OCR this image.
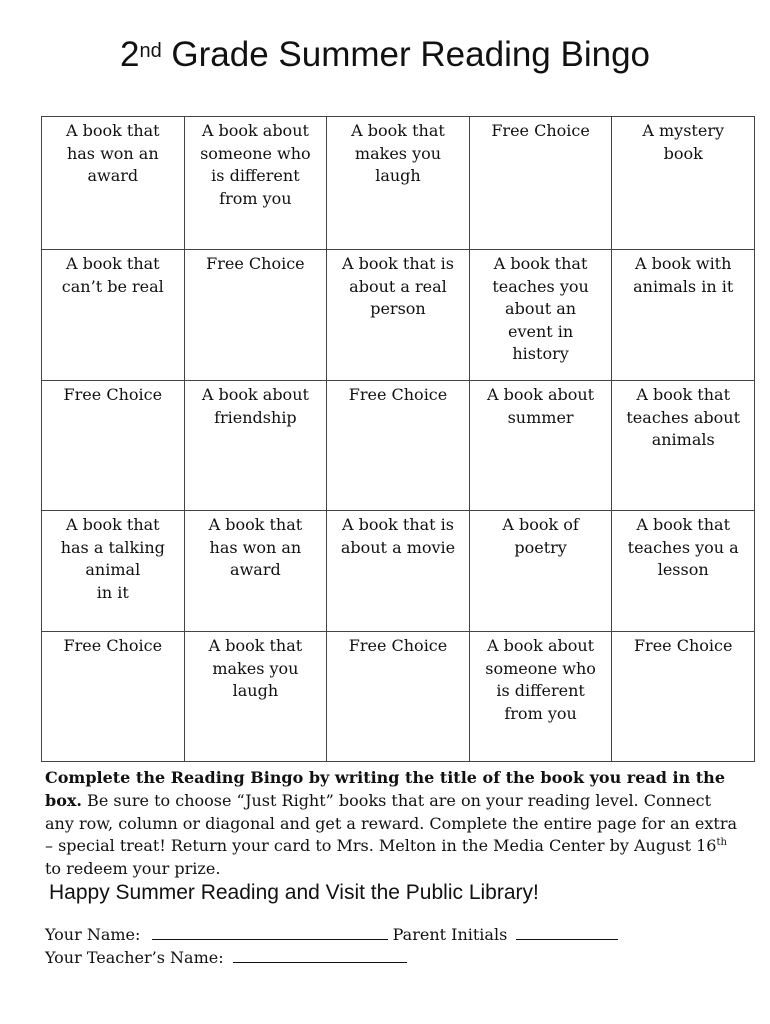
2nd Grade Summer Reading Bingo
A book that
has won an
award	A book about
someone who
is different
from you	A book that
makes you
laugh	Free Choice	A mystery
book

A book that
can’t be real	Free Choice	A book that is
about a real
person	A book that
teaches you
about an
event in
history	A book with
animals in it

Free Choice	A book about
friendship	Free Choice	A book about
summer	A book that
teaches about
animals

A book that
has a talking
animal
in it	A book that
has won an
award	A book that is
about a movie	A book of
poetry	A book that
teaches you a
lesson

Free Choice	A book that
makes you
laugh	Free Choice	A book about
someone who
is different
from you	Free Choice
Complete the Reading Bingo by writing the title of the book you read in the box. Be sure to choose “Just Right” books that are on your reading level. Connect any row, column or diagonal and get a reward. Complete the entire page for an extra – special treat! Return your card to Mrs. Melton in the Media Center by August 16th to redeem your prize.
Happy Summer Reading and Visit the Public Library!
Your Name:	Parent Initials
Your Teacher’s Name:
